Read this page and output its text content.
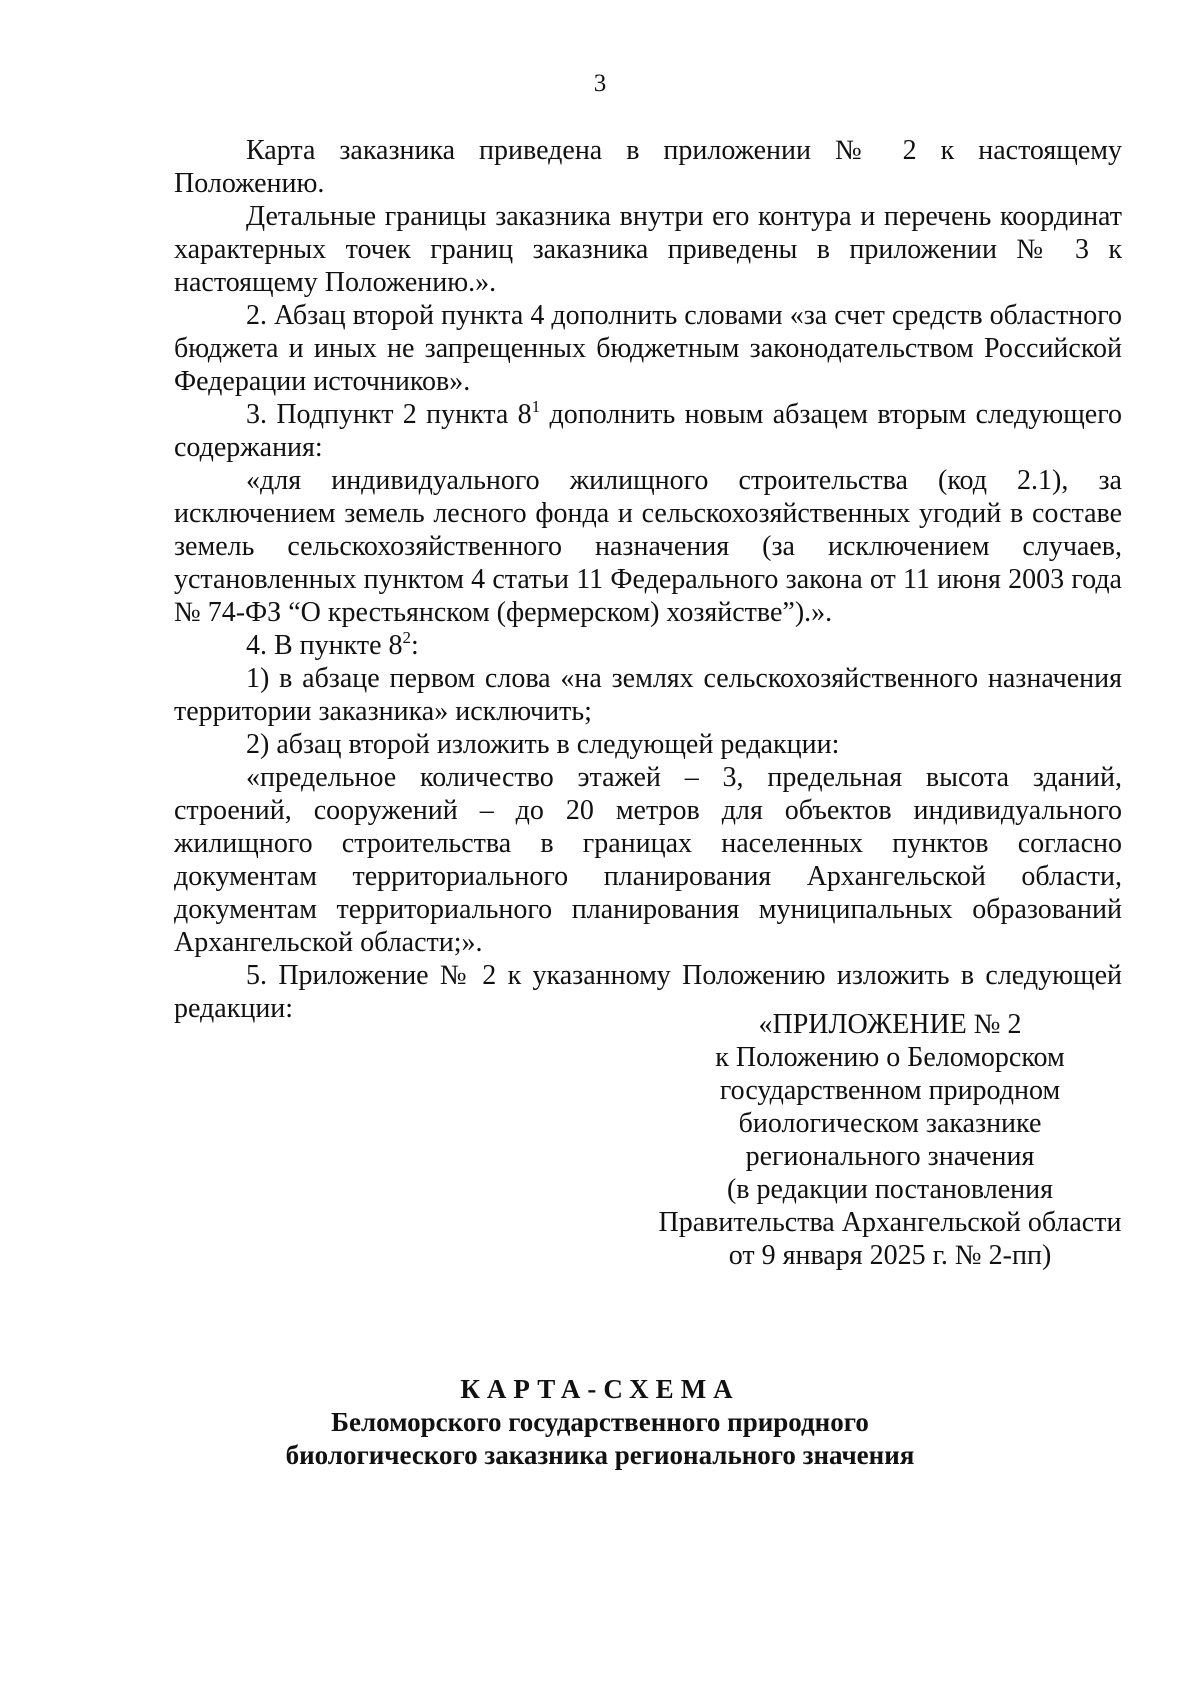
3

Карта заказника приведена в приложении № 2 к настоящему Положению.

Детальные границы заказника внутри его контура и перечень координат характерных точек границ заказника приведены в приложении № 3 к настоящему Положению.».

2. Абзац второй пункта 4 дополнить словами «за счет средств областного бюджета и иных не запрещенных бюджетным законодательством Российской Федерации источников».

3. Подпункт 2 пункта $8^1$ дополнить новым абзацем вторым следующего содержания:

«для индивидуального жилищного строительства (код 2.1), за исключением земель лесного фонда и сельскохозяйственных угодий в составе земель сельскохозяйственного назначения (за исключением случаев, установленных пунктом 4 статьи 11 Федерального закона от 11 июня 2003 года № 74-ФЗ “О крестьянском (фермерском) хозяйстве”).».

4. В пункте $8^2$:

1) в абзаце первом слова «на землях сельскохозяйственного назначения территории заказника» исключить;

2) абзац второй изложить в следующей редакции:

«предельное количество этажей – 3, предельная высота зданий, строений, сооружений – до 20 метров для объектов индивидуального жилищного строительства в границах населенных пунктов согласно документам территориального планирования Архангельской области, документам территориального планирования муниципальных образований Архангельской области;».

5. Приложение № 2 к указанному Положению изложить в следующей редакции:

«ПРИЛОЖЕНИЕ № 2
к Положению о Беломорском
государственном природном
биологическом заказнике
регионального значения
(в редакции постановления
Правительства Архангельской области
от 9 января 2025 г. № 2-пп)
КАРТА-СХЕМА
Беломорского государственного природного
биологического заказника регионального значения
